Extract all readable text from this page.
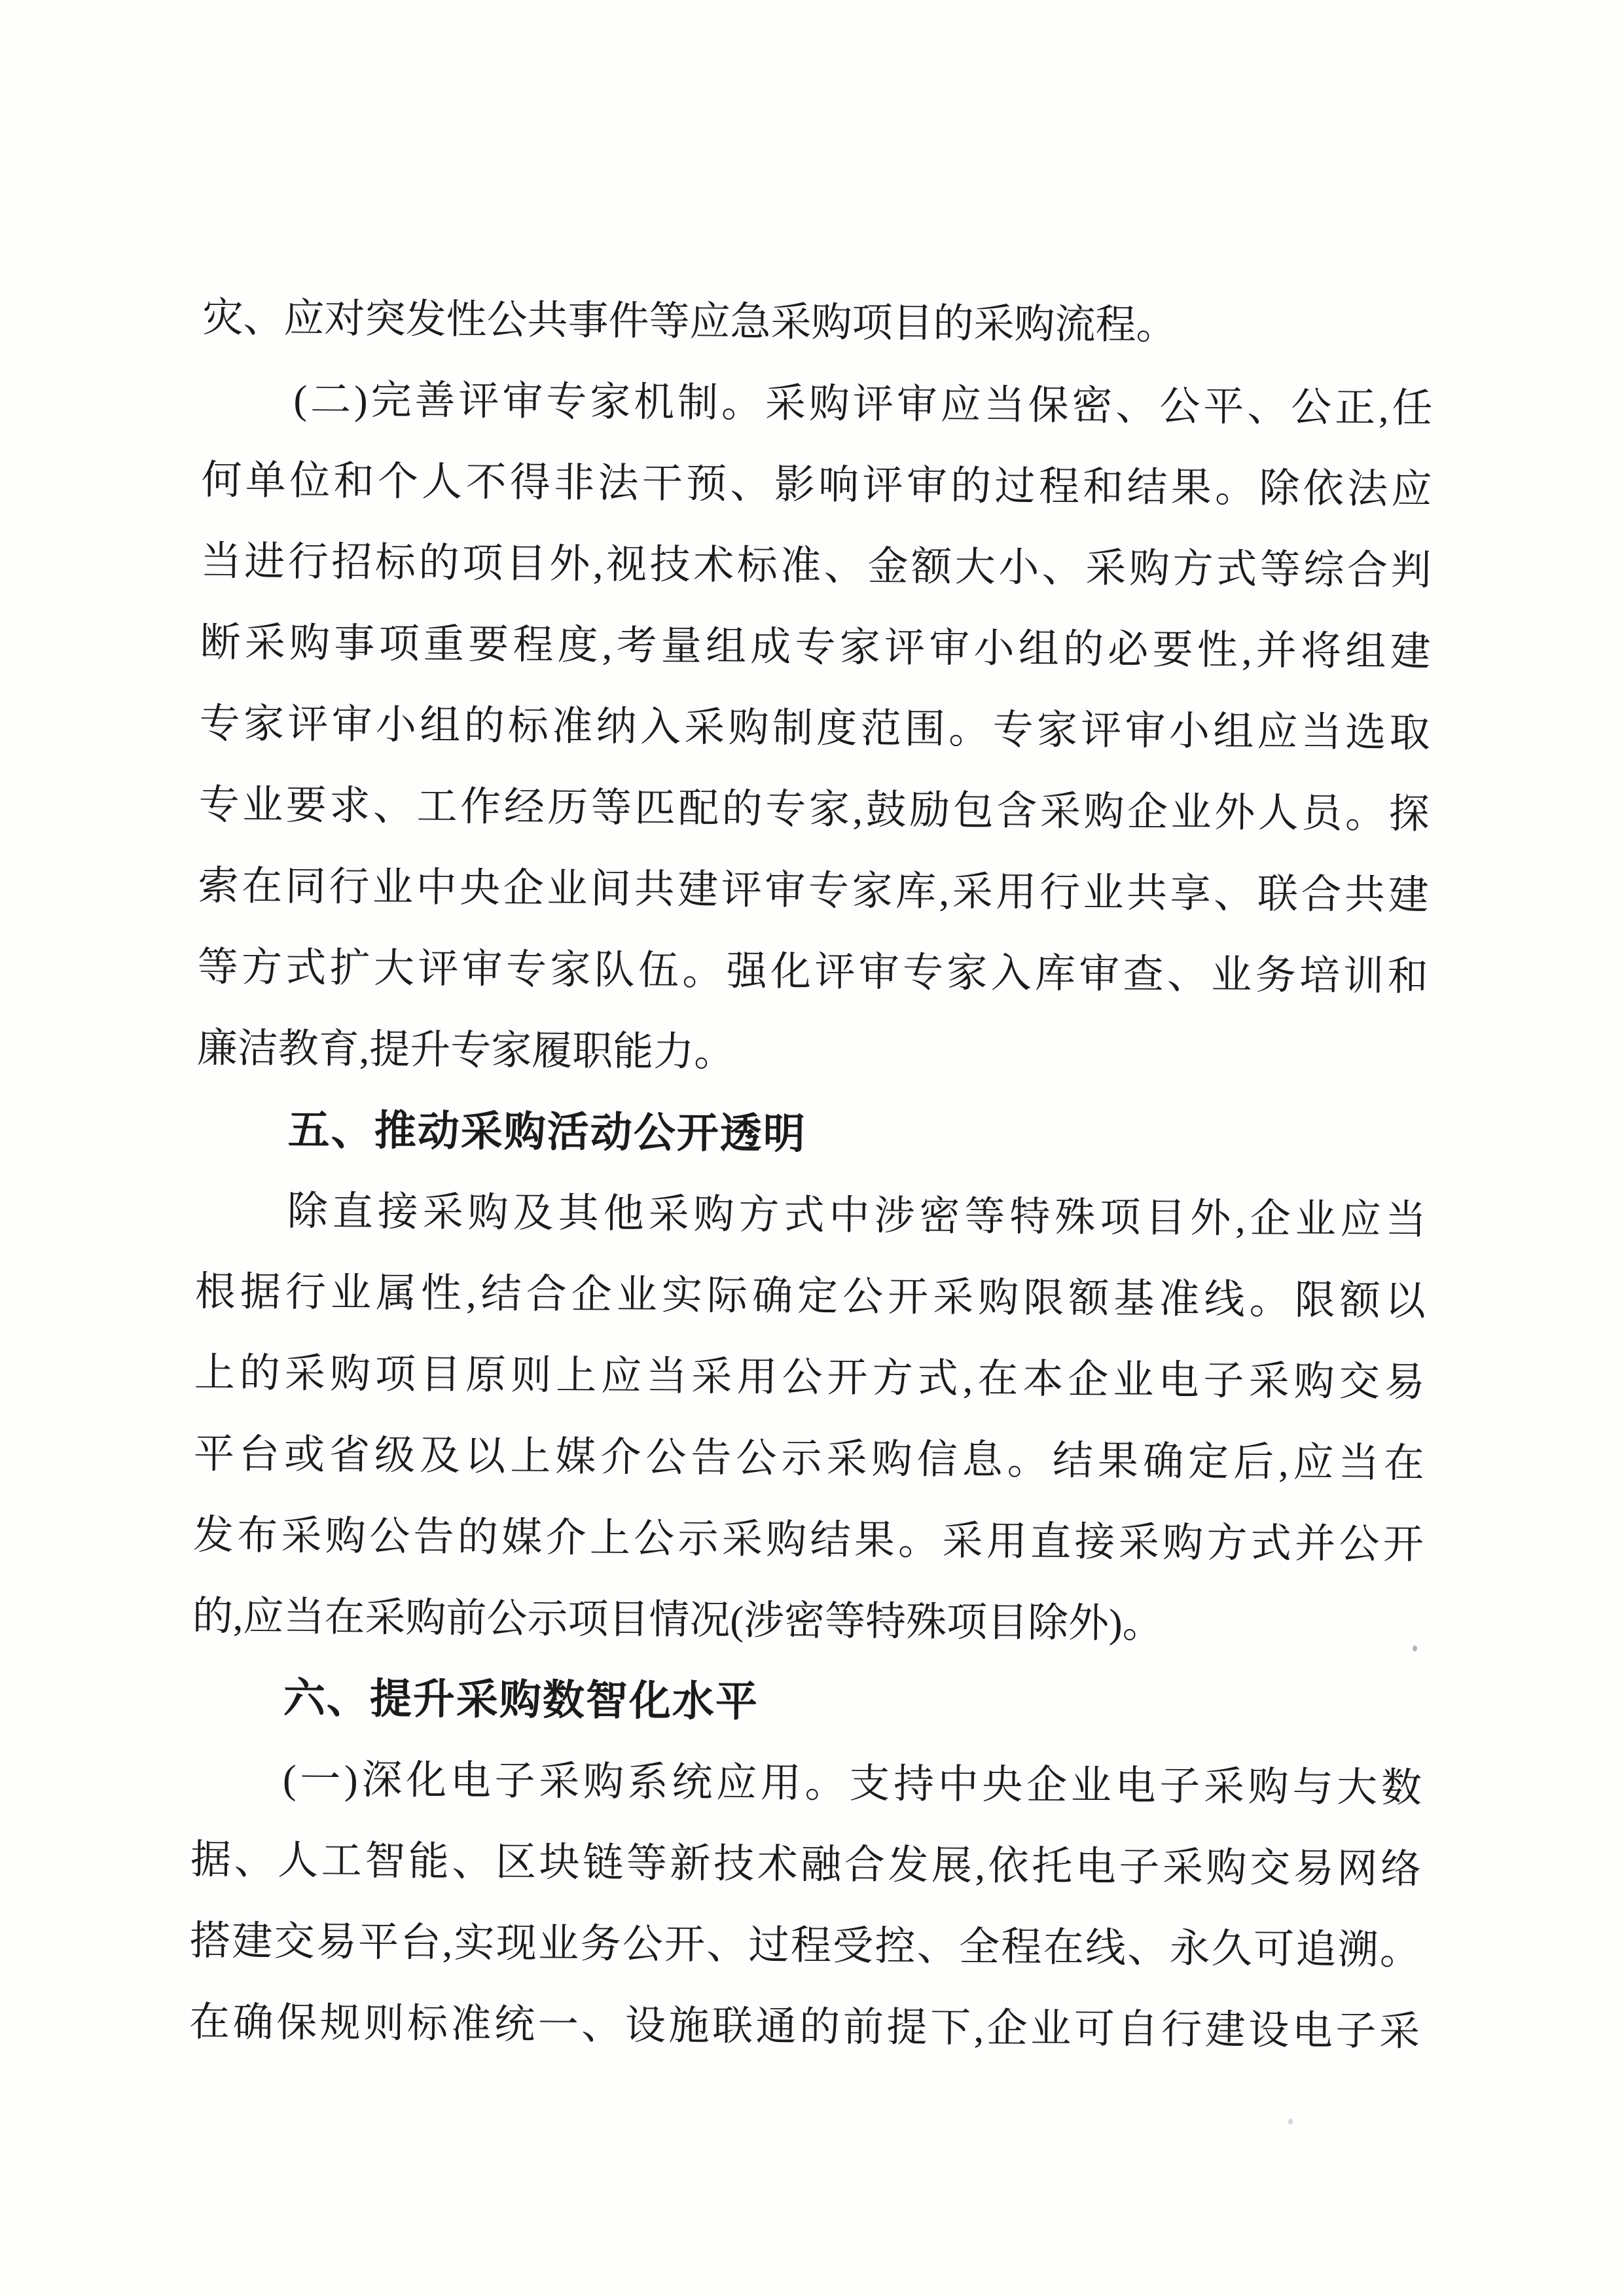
灾、应对突发性公共事件等应急采购项目的采购流程。
(二)完善评审专家机制。采购评审应当保密、公平、公正,任
何单位和个人不得非法干预、影响评审的过程和结果。除依法应
当进行招标的项目外,视技术标准、金额大小、采购方式等综合判
断采购事项重要程度,考量组成专家评审小组的必要性,并将组建
专家评审小组的标准纳入采购制度范围。专家评审小组应当选取
专业要求、工作经历等匹配的专家,鼓励包含采购企业外人员。探
索在同行业中央企业间共建评审专家库,采用行业共享、联合共建
等方式扩大评审专家队伍。强化评审专家入库审查、业务培训和
廉洁教育,提升专家履职能力。
五、推动采购活动公开透明
除直接采购及其他采购方式中涉密等特殊项目外,企业应当
根据行业属性,结合企业实际确定公开采购限额基准线。限额以
上的采购项目原则上应当采用公开方式,在本企业电子采购交易
平台或省级及以上媒介公告公示采购信息。结果确定后,应当在
发布采购公告的媒介上公示采购结果。采用直接采购方式并公开
的,应当在采购前公示项目情况(涉密等特殊项目除外)。
六、提升采购数智化水平
(一)深化电子采购系统应用。支持中央企业电子采购与大数
据、人工智能、区块链等新技术融合发展,依托电子采购交易网络
搭建交易平台,实现业务公开、过程受控、全程在线、永久可追溯。
在确保规则标准统一、设施联通的前提下,企业可自行建设电子采
